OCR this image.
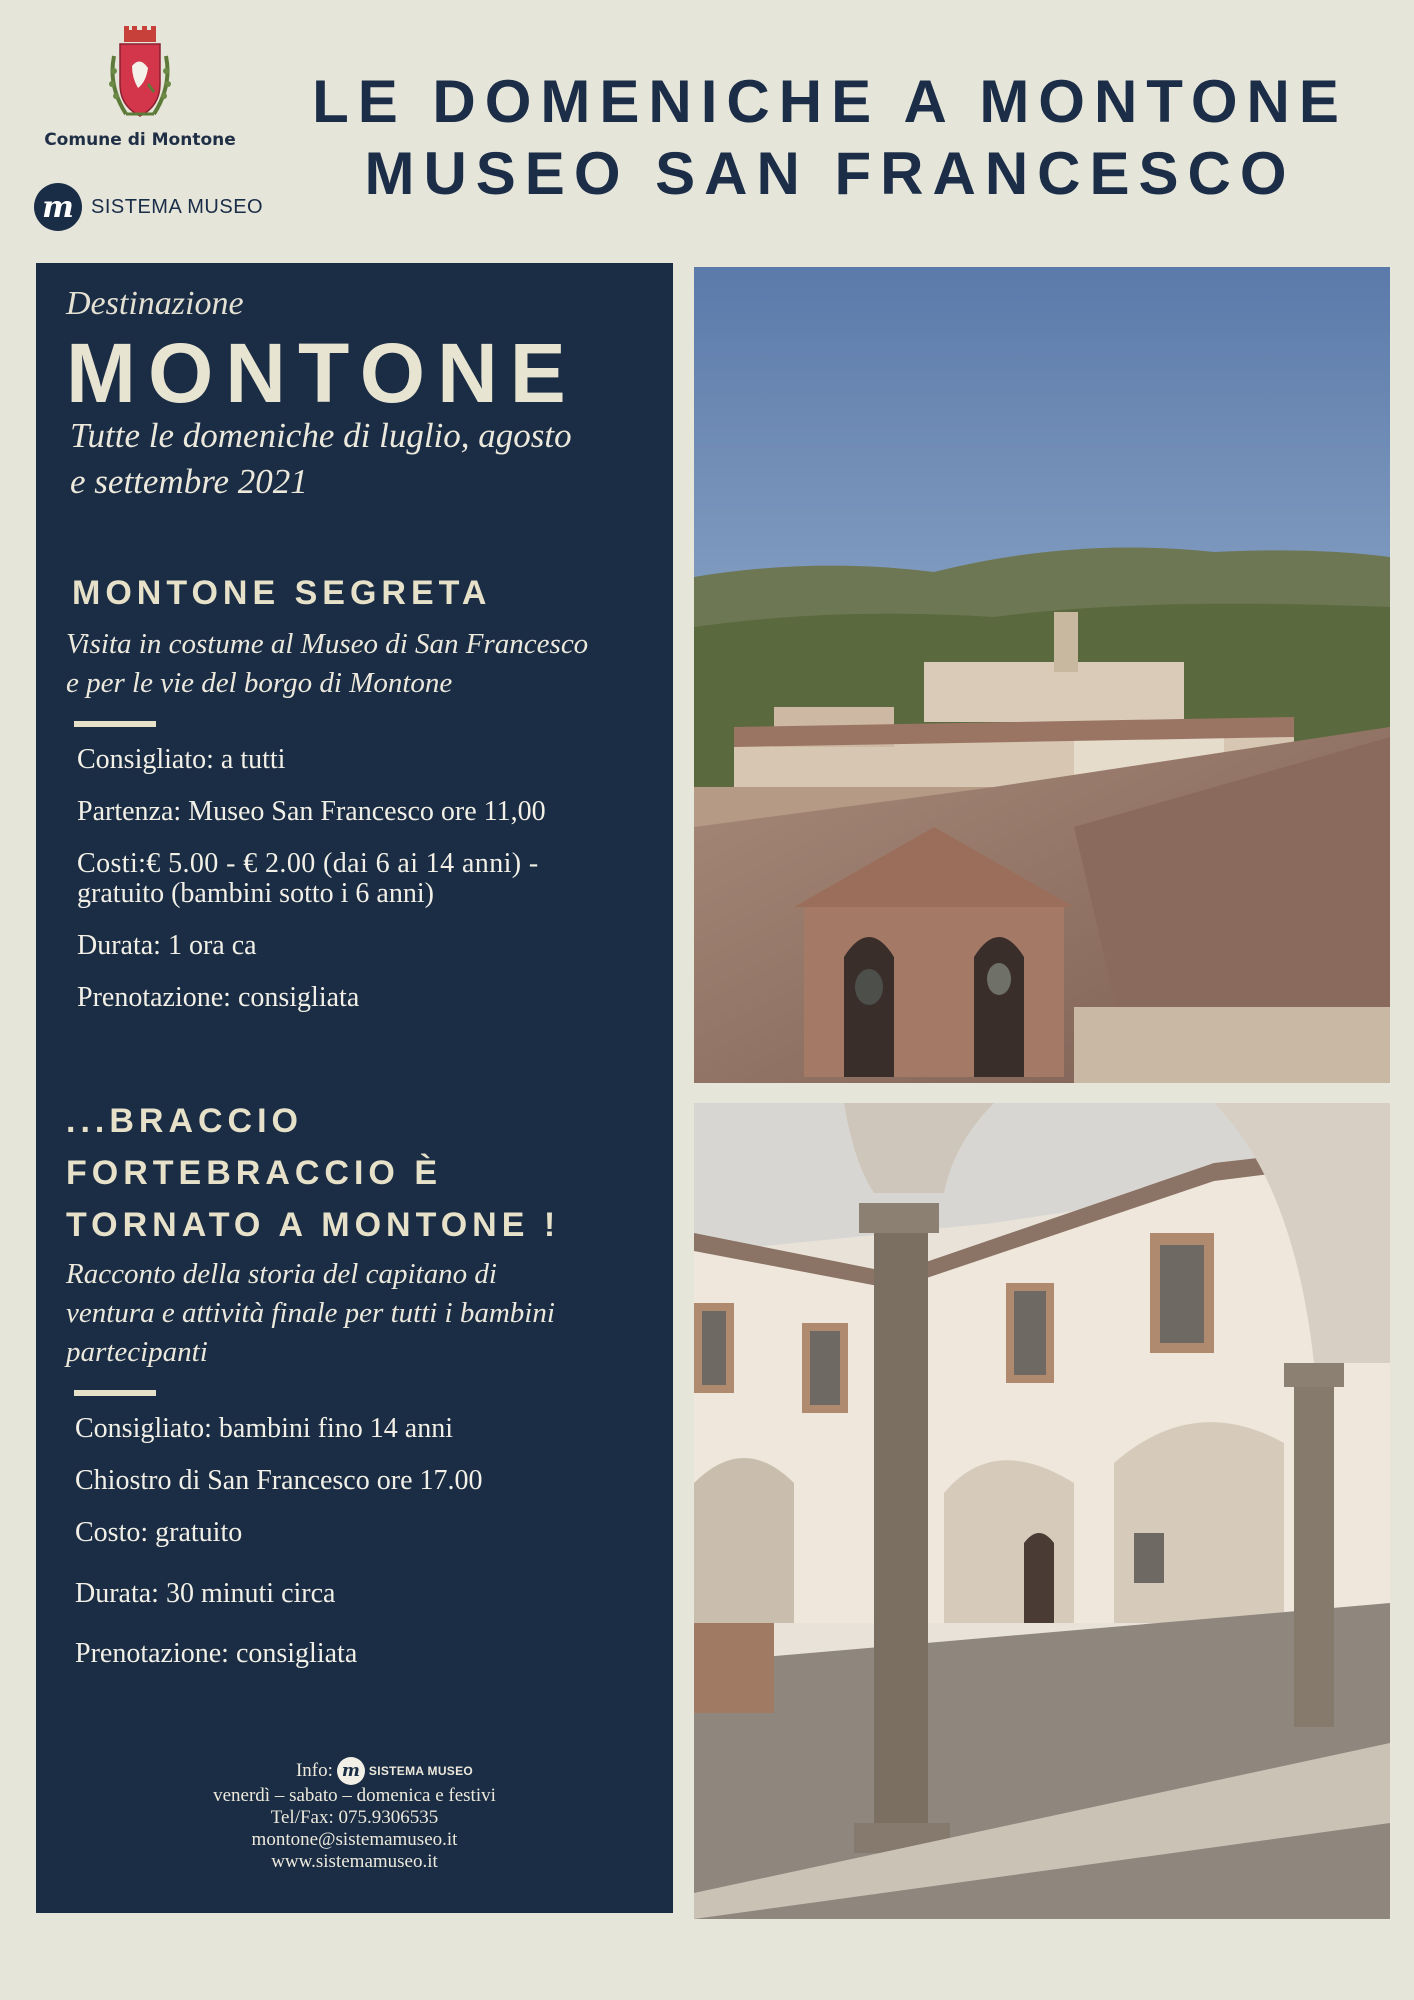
Comune di Montone
m SISTEMA MUSEO
LE DOMENICHE A MONTONE
MUSEO SAN FRANCESCO
Destinazione
MONTONE
Tutte le domeniche di luglio, agosto
e settembre 2021
MONTONE SEGRETA
Visita in costume al Museo di San Francesco
e per le vie del borgo di Montone
Consigliato: a tutti
Partenza: Museo San Francesco ore 11,00
Costi:€ 5.00 - € 2.00 (dai 6 ai 14 anni) -
gratuito (bambini sotto i 6 anni)
Durata: 1 ora ca
Prenotazione: consigliata
...BRACCIO
FORTEBRACCIO È
TORNATO A MONTONE !
Racconto della storia del capitano di
ventura e attività finale per tutti i bambini
partecipanti
Consigliato: bambini fino 14 anni
Chiostro di San Francesco ore 17.00
Costo: gratuito
Durata: 30 minuti circa
Prenotazione: consigliata
Info: m SISTEMA MUSEO
venerdì – sabato – domenica e festivi
Tel/Fax: 075.9306535
montone@sistemamuseo.it
www.sistemamuseo.it
